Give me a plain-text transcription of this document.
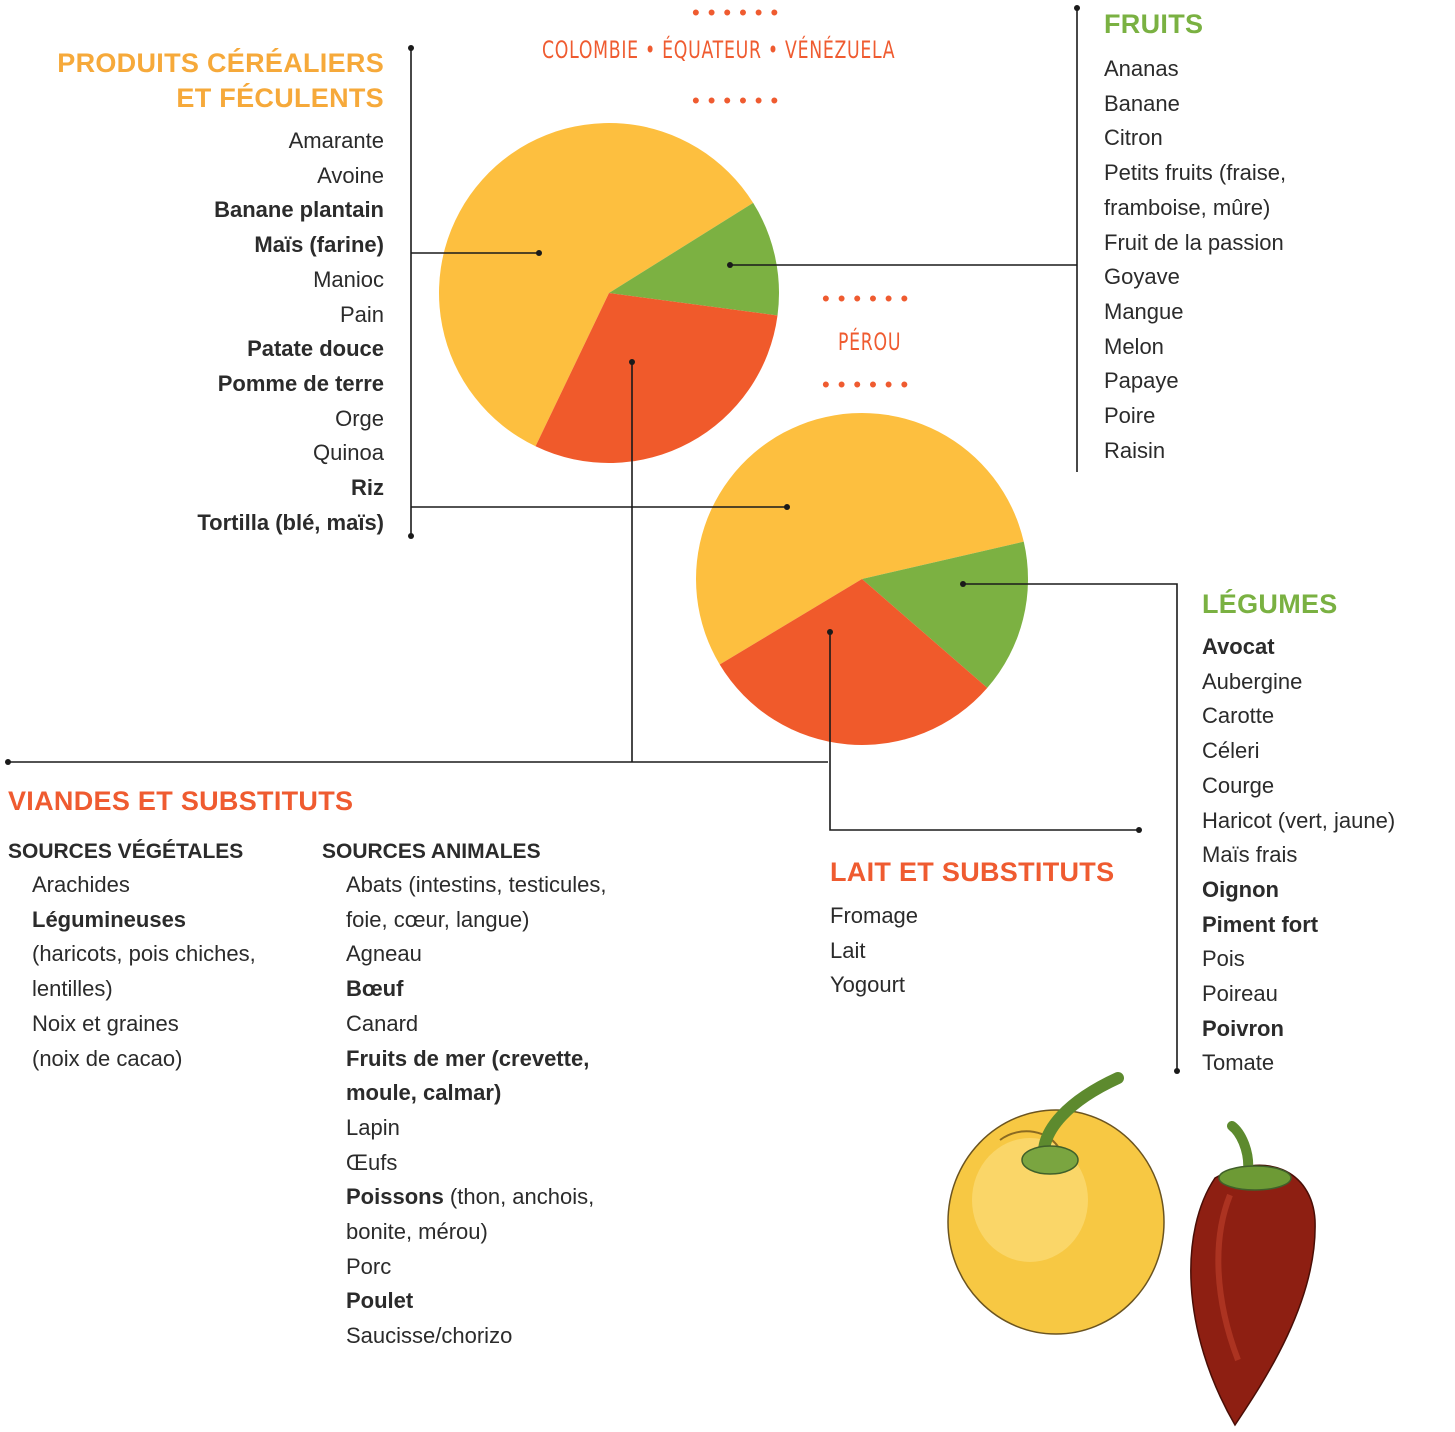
••••••
COLOMBIE • ÉQUATEUR • VÉNÉZUELA
••••••
••••••
PÉROU
••••••
PRODUITS CÉRÉALIERS
ET FÉCULENTS
Amarante
Avoine
Banane plantain
Maïs (farine)
Manioc
Pain
Patate douce
Pomme de terre
Orge
Quinoa
Riz
Tortilla (blé, maïs)
FRUITS
Ananas
Banane
Citron
Petits fruits (fraise,
framboise, mûre)
Fruit de la passion
Goyave
Mangue
Melon
Papaye
Poire
Raisin
LÉGUMES
Avocat
Aubergine
Carotte
Céleri
Courge
Haricot (vert, jaune)
Maïs frais
Oignon
Piment fort
Pois
Poireau
Poivron
Tomate
VIANDES ET SUBSTITUTS
SOURCES VÉGÉTALES
Arachides
Légumineuses
(haricots, pois chiches,
lentilles)
Noix et graines
(noix de cacao)
SOURCES ANIMALES
Abats (intestins, testicules,
foie, cœur, langue)
Agneau
Bœuf
Canard
Fruits de mer (crevette,
moule, calmar)
Lapin
Œufs
Poissons (thon, anchois,
bonite, mérou)
Porc
Poulet
Saucisse/chorizo
LAIT ET SUBSTITUTS
Fromage
Lait
Yogourt
